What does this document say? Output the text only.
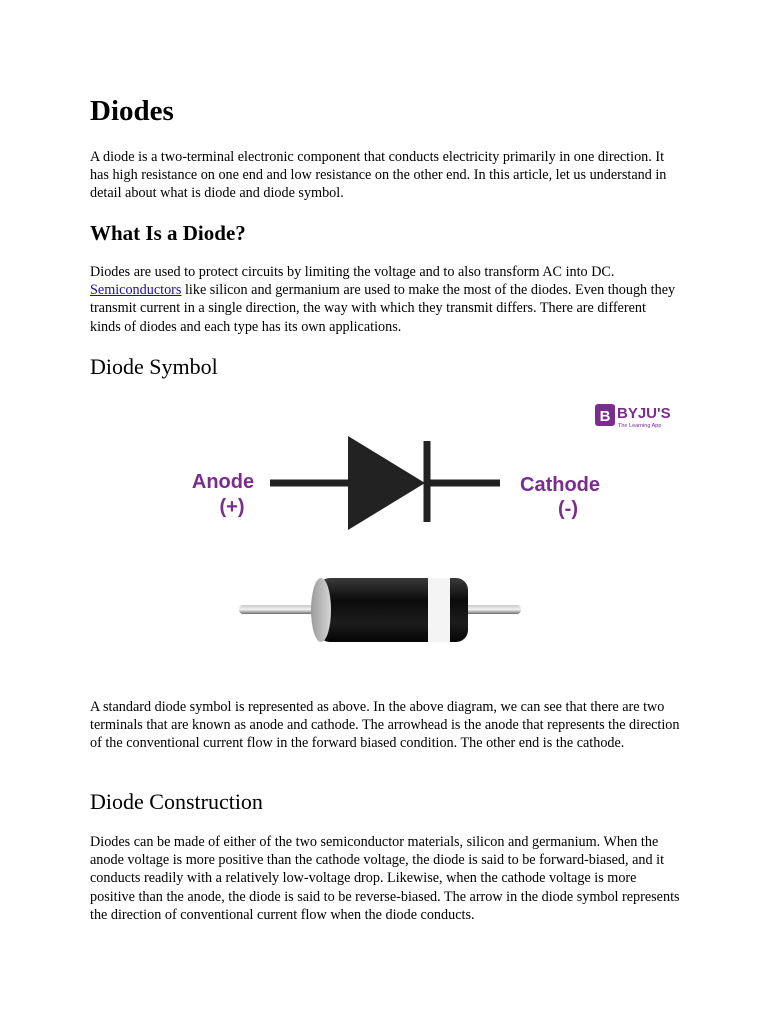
B BYJU'S
The Learning App
Anode
(+)
Cathode
(-)
Diodes

A diode is a two-terminal electronic component that conducts electricity primarily in one direction. It has high resistance on one end and low resistance on the other end. In this article, let us understand in detail about what is diode and diode symbol.

What Is a Diode?

Diodes are used to protect circuits by limiting the voltage and to also transform AC into DC. Semiconductors like silicon and germanium are used to make the most of the diodes. Even though they transmit current in a single direction, the way with which they transmit differs. There are different kinds of diodes and each type has its own applications.

Diode Symbol

A standard diode symbol is represented as above. In the above diagram, we can see that there are two terminals that are known as anode and cathode. The arrowhead is the anode that represents the direction of the conventional current flow in the forward biased condition. The other end is the cathode.

Diode Construction

Diodes can be made of either of the two semiconductor materials, silicon and germanium. When the anode voltage is more positive than the cathode voltage, the diode is said to be forward-biased, and it conducts readily with a relatively low-voltage drop. Likewise, when the cathode voltage is more positive than the anode, the diode is said to be reverse-biased. The arrow in the diode symbol represents the direction of conventional current flow when the diode conducts.
